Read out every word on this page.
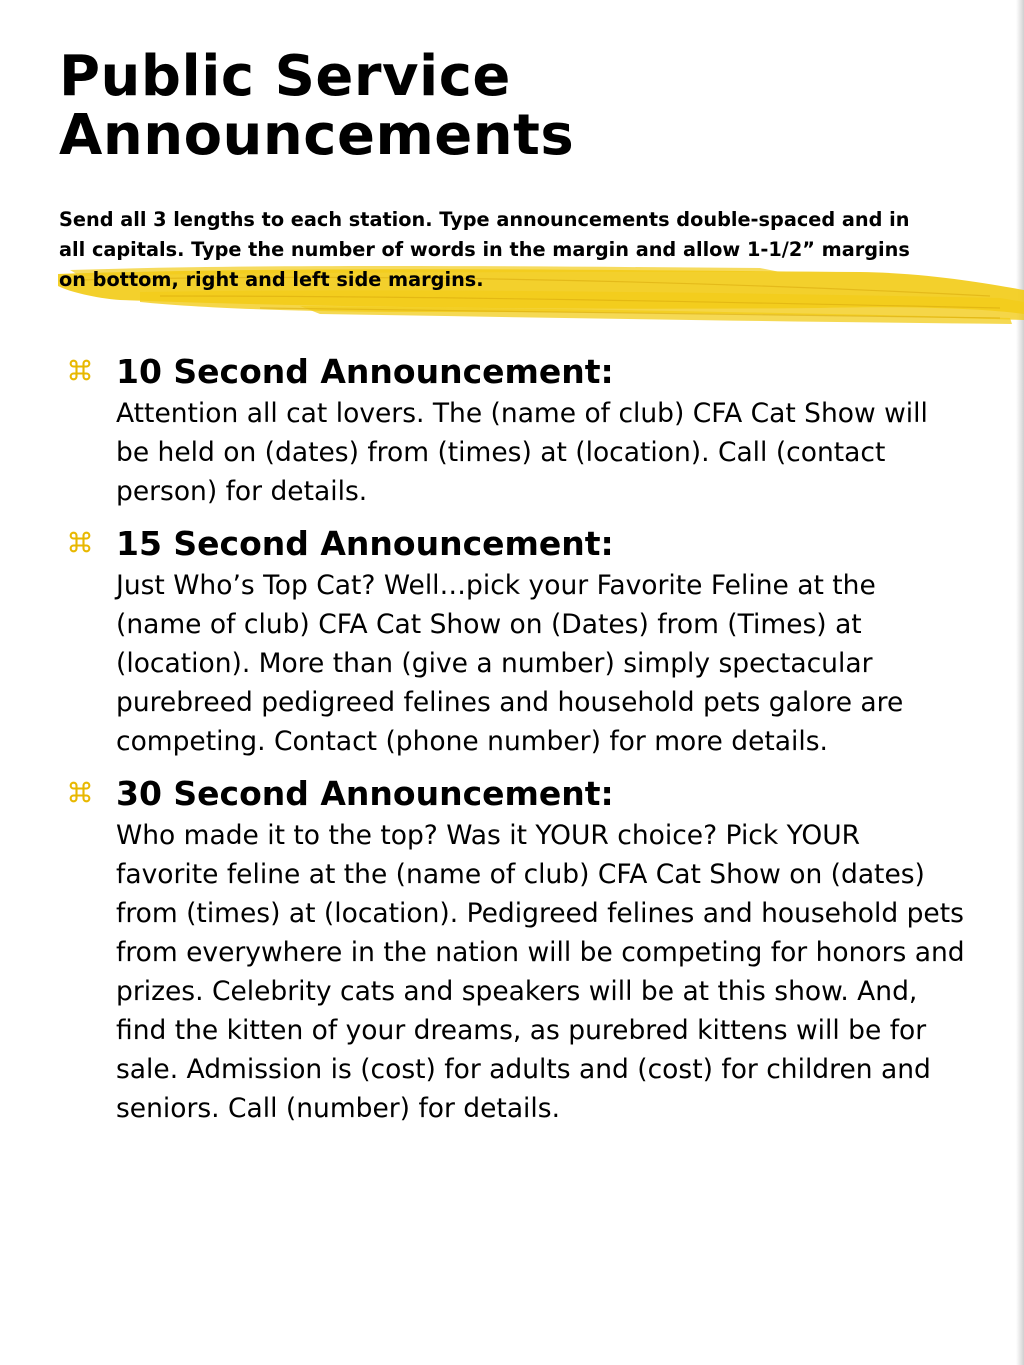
Public Service
Announcements

Send all 3 lengths to each station. Type announcements double-spaced and in all capitals. Type the number of words in the margin and allow 1-1/2” margins on bottom, right and left side margins.

10 Second Announcement:
Attention all cat lovers. The (name of club) CFA Cat Show will be held on (dates) from (times) at (location). Call (contact person) for details.
15 Second Announcement:
Just Who’s Top Cat? Well…pick your Favorite Feline at the (name of club) CFA Cat Show on (Dates) from (Times) at (location). More than (give a number) simply spectacular purebreed pedigreed felines and household pets galore are competing. Contact (phone number) for more details.
30 Second Announcement:
Who made it to the top? Was it YOUR choice? Pick YOUR favorite feline at the (name of club) CFA Cat Show on (dates) from (times) at (location). Pedigreed felines and household pets from everywhere in the nation will be competing for honors and prizes. Celebrity cats and speakers will be at this show. And, find the kitten of your dreams, as purebred kittens will be for sale. Admission is (cost) for adults and (cost) for children and seniors. Call (number) for details.
